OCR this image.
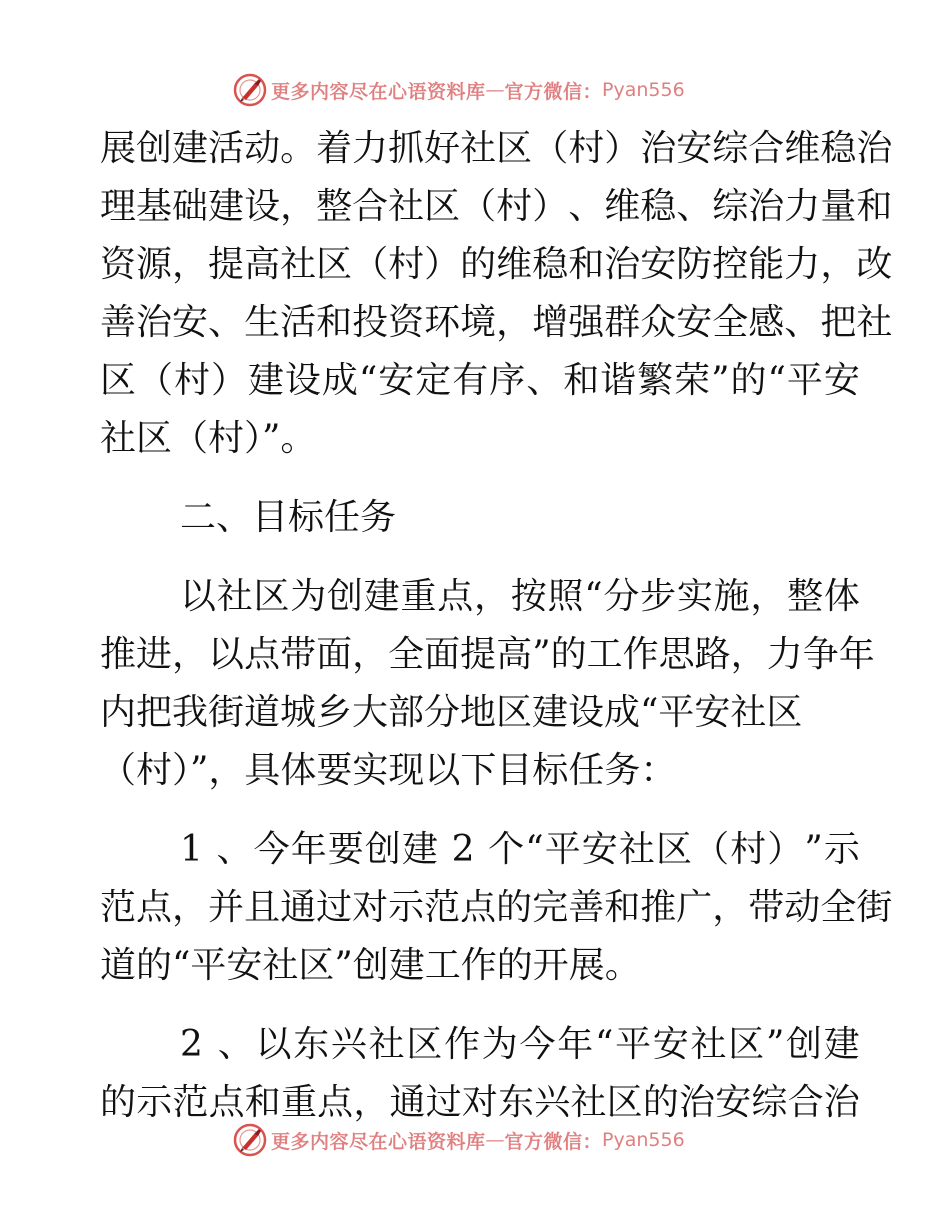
更多内容尽在心语资料库 — 官方微信： Pyan556
展 创 建 活 动 。 着 力 抓 好 社 区 （ 村 ） 治 安 综 合 维 稳 治
理 基 础 建 设 ， 整 合 社 区 （ 村 ） 、 维 稳 、 综 治 力 量 和
资 源 ， 提 高 社 区 （ 村 ） 的 维 稳 和 治 安 防 控 能 力 ， 改
善 治 安 、 生 活 和 投 资 环 境 ， 增 强 群 众 安 全 感 、 把 社
区 （ 村 ） 建 设 成 “ 安 定 有 序 、 和 谐 繁 荣 ” 的 “ 平 安
社区（村）”。
二、目标任务
以 社 区 为 创 建 重 点 ， 按 照 “ 分 步 实 施 ， 整 体
推 进 ， 以 点 带 面 ， 全 面 提 高 ” 的 工 作 思 路 ， 力 争 年
内把我街道城乡大部分地区建设成“平安社区
（村）”，具体要实现以下目标任务：
1
、 今 年 要 创 建
2
个 “ 平 安 社 区 （ 村 ） ” 示
范 点 ， 并 且 通 过 对 示 范 点 的 完 善 和 推 广 ， 带 动 全 街
道的“平安社区”创建工作的开展。
2
、 以 东 兴 社 区 作 为 今 年 “ 平 安 社 区 ” 创 建
的 示 范 点 和 重 点 ， 通 过 对 东 兴 社 区 的 治 安 综 合 治
更多内容尽在心语资料库 — 官方微信： Pyan556
